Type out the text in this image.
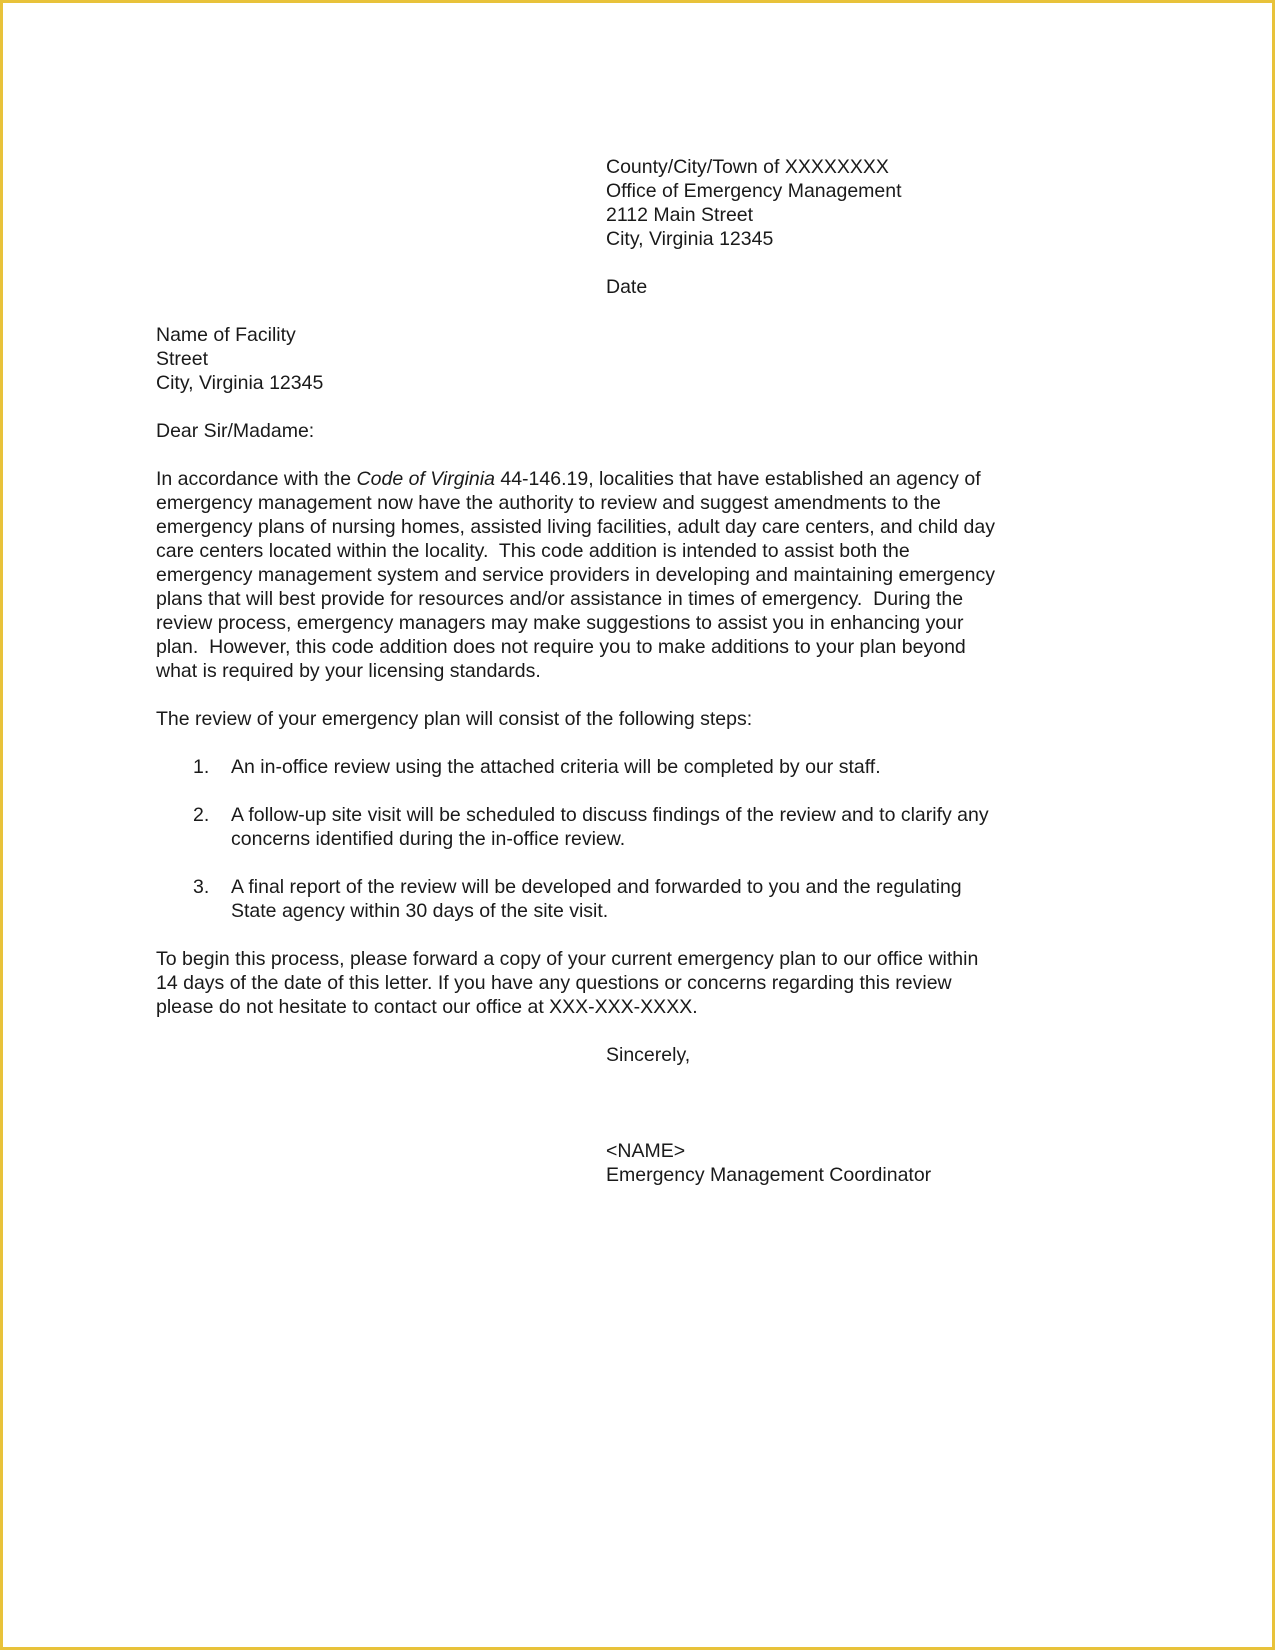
County/City/Town of XXXXXXXX
Office of Emergency Management
2112 Main Street
City, Virginia 12345
Date
Name of Facility
Street
City, Virginia 12345
Dear Sir/Madame:
In accordance with the Code of Virginia 44-146.19, localities that have established an agency of
emergency management now have the authority to review and suggest amendments to the
emergency plans of nursing homes, assisted living facilities, adult day care centers, and child day
care centers located within the locality.  This code addition is intended to assist both the
emergency management system and service providers in developing and maintaining emergency
plans that will best provide for resources and/or assistance in times of emergency.  During the
review process, emergency managers may make suggestions to assist you in enhancing your
plan.  However, this code addition does not require you to make additions to your plan beyond
what is required by your licensing standards.
The review of your emergency plan will consist of the following steps:
1. An in-office review using the attached criteria will be completed by our staff.
2. A follow-up site visit will be scheduled to discuss findings of the review and to clarify any
concerns identified during the in-office review.
3. A final report of the review will be developed and forwarded to you and the regulating
State agency within 30 days of the site visit.
To begin this process, please forward a copy of your current emergency plan to our office within
14 days of the date of this letter. If you have any questions or concerns regarding this review
please do not hesitate to contact our office at XXX-XXX-XXXX.
Sincerely,
<NAME>
Emergency Management Coordinator
